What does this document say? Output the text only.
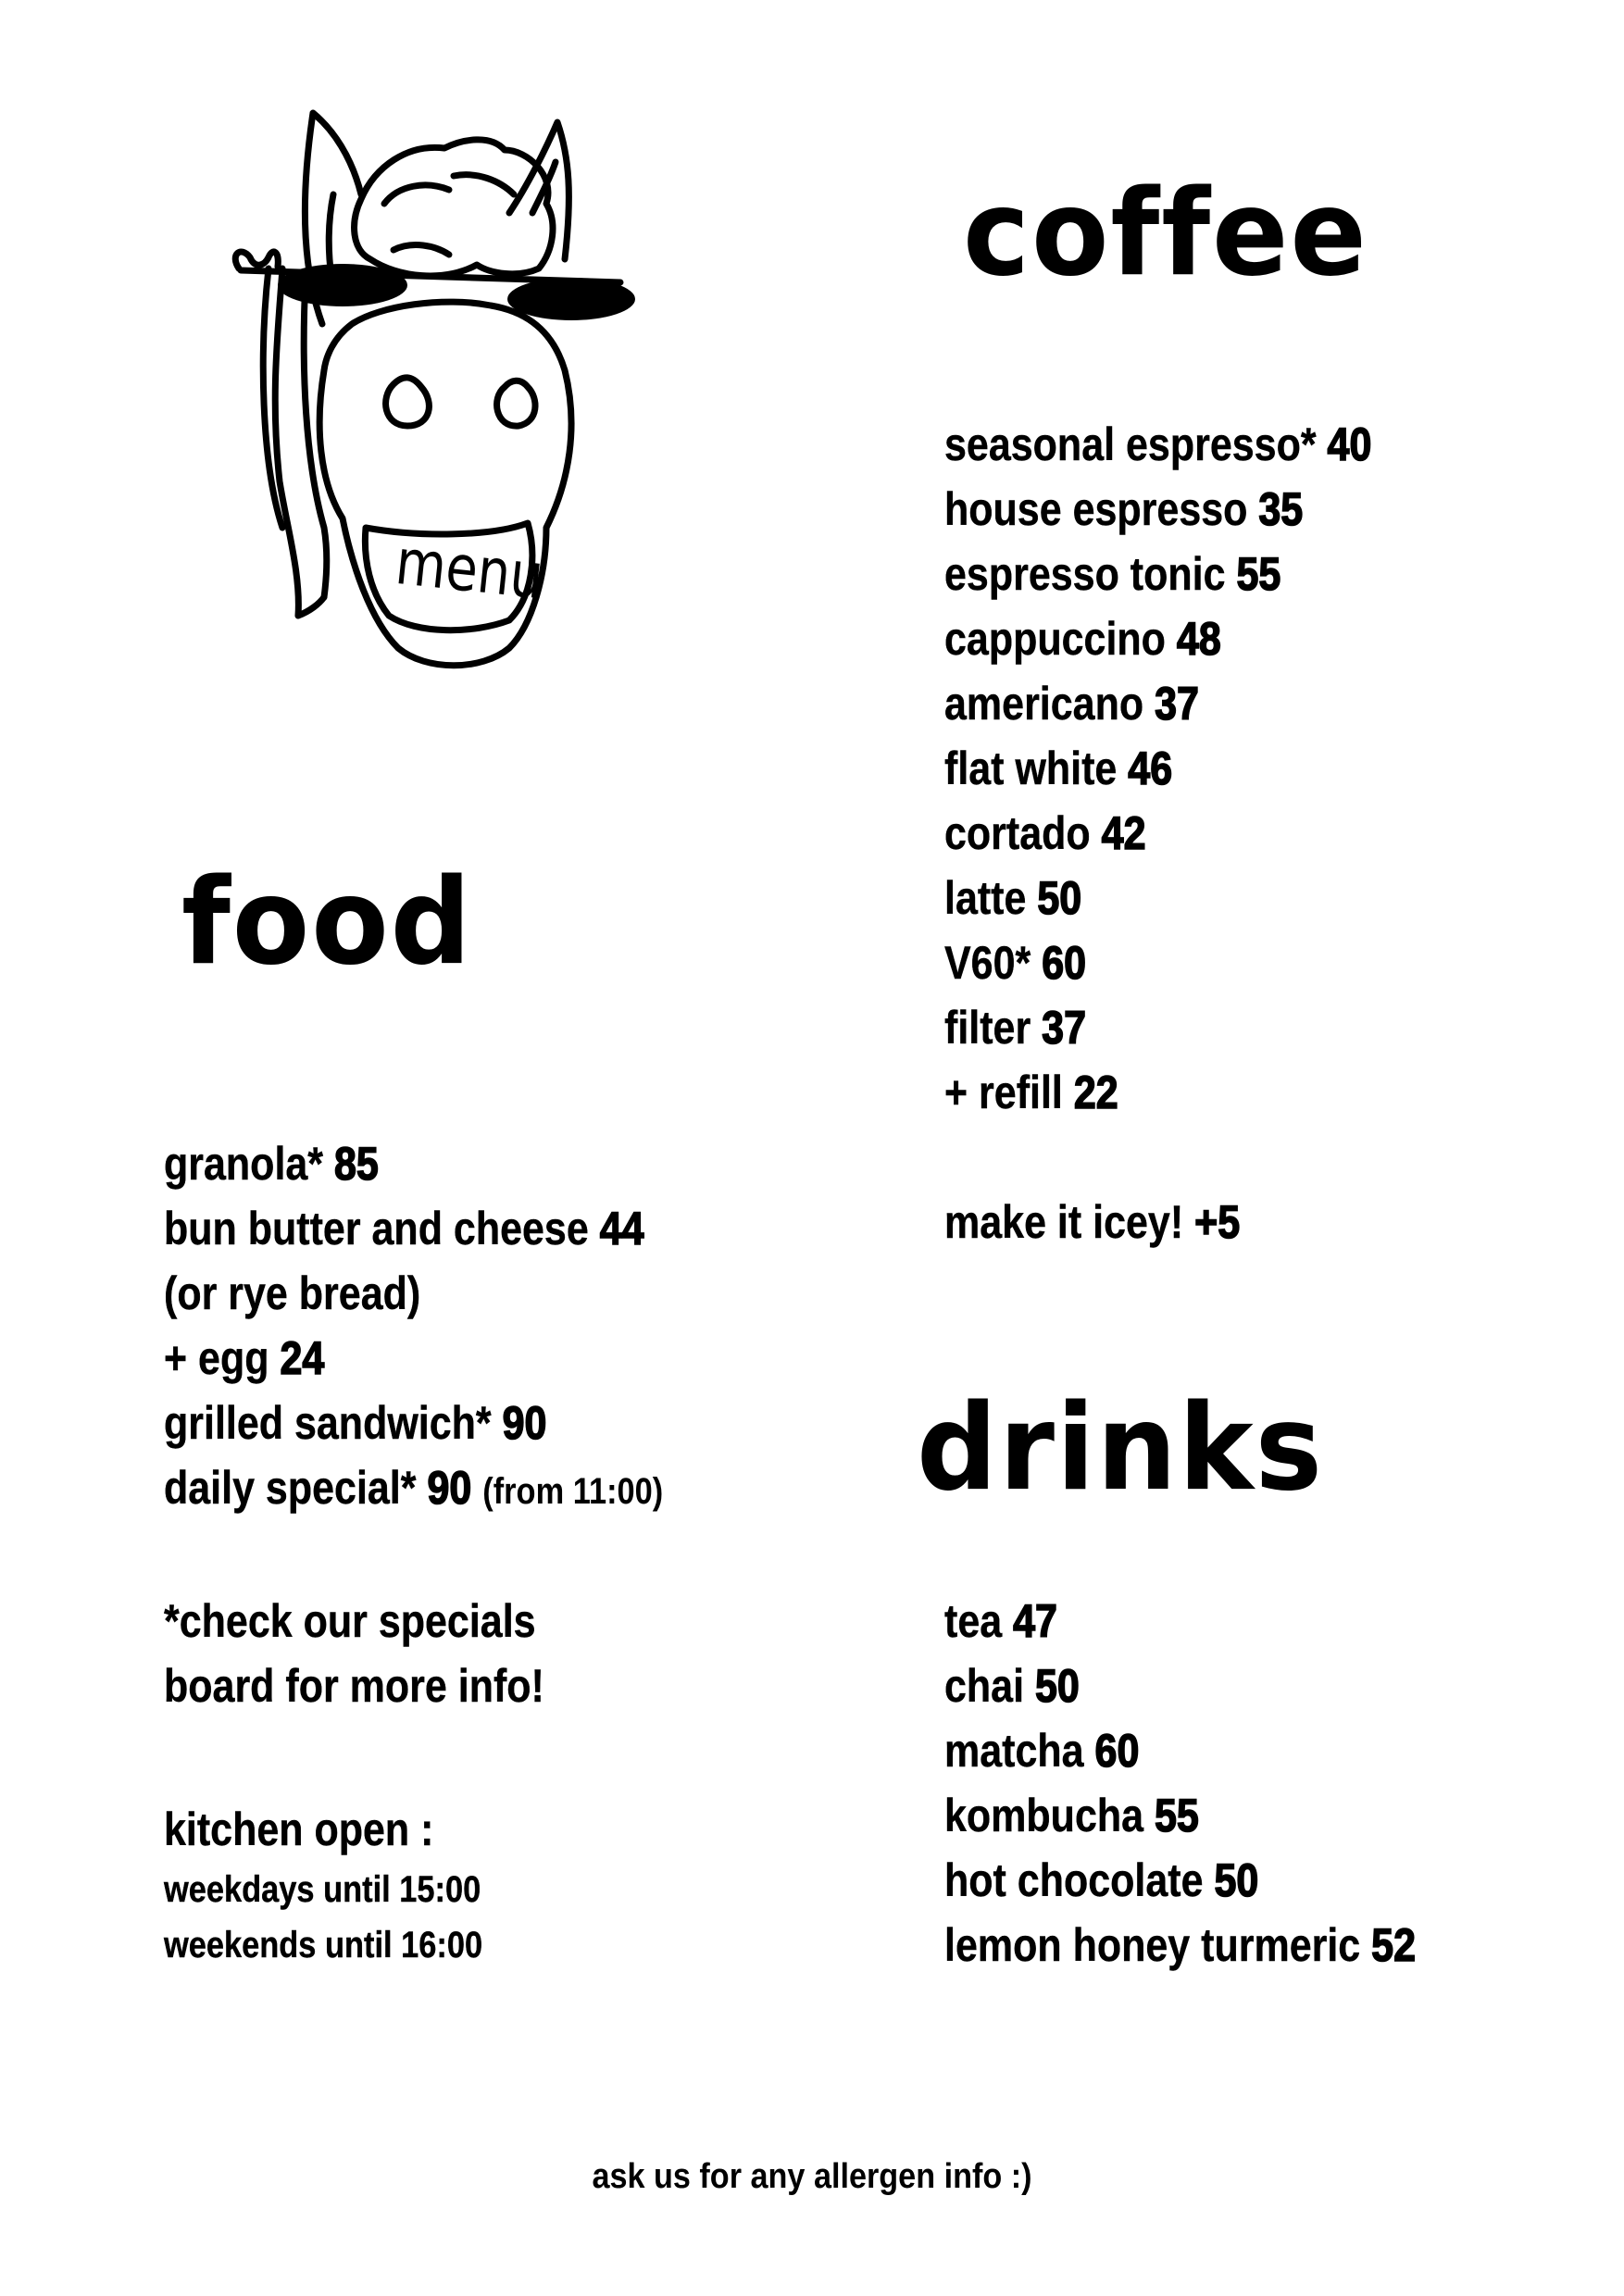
menu
coffee
food
drinks
seasonal espresso* 40
house espresso 35
espresso tonic 55
cappuccino 48
americano 37
flat white 46
cortado 42
latte 50
V60* 60
filter 37
+ refill 22
make it icey! +5
granola* 85
bun butter and cheese 44
(or rye bread)
+ egg 24
grilled sandwich* 90
daily special* 90 (from 11:00)
*check our specials
board for more info!
kitchen open :
weekdays until 15:00
weekends until 16:00
tea 47
chai 50
matcha 60
kombucha 55
hot chocolate 50
lemon honey turmeric 52
ask us for any allergen info :)
